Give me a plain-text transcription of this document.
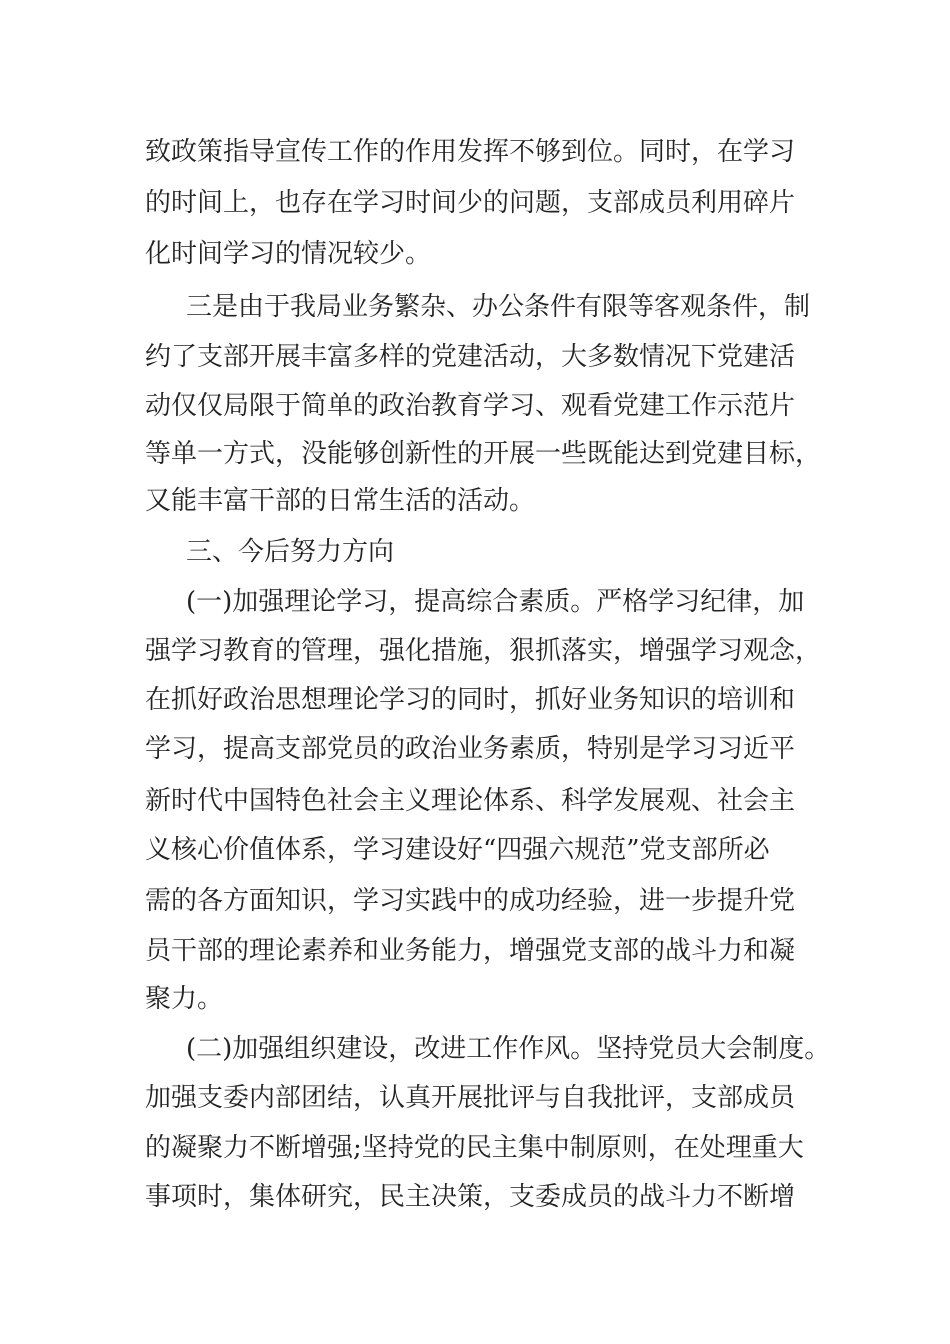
致政策指导宣传工作的作用发挥不够到位。同时，在学习
的时间上，也存在学习时间少的问题，支部成员利用碎片
化时间学习的情况较少。
三是由于我局业务繁杂、办公条件有限等客观条件，制
约了支部开展丰富多样的党建活动，大多数情况下党建活
动仅仅局限于简单的政治教育学习、观看党建工作示范片
等单一方式，没能够创新性的开展一些既能达到党建目标，
又能丰富干部的日常生活的活动。
三、今后努力方向
(一)加强理论学习，提高综合素质。严格学习纪律，加
强学习教育的管理，强化措施，狠抓落实，增强学习观念，
在抓好政治思想理论学习的同时，抓好业务知识的培训和
学习，提高支部党员的政治业务素质，特别是学习习近平
新时代中国特色社会主义理论体系、科学发展观、社会主
义核心价值体系，学习建设好“四强六规范”党支部所必
需的各方面知识，学习实践中的成功经验，进一步提升党
员干部的理论素养和业务能力，增强党支部的战斗力和凝
聚力。
(二)加强组织建设，改进工作作风。坚持党员大会制度。
加强支委内部团结，认真开展批评与自我批评，支部成员
的凝聚力不断增强;坚持党的民主集中制原则，在处理重大
事项时，集体研究，民主决策，支委成员的战斗力不断增
